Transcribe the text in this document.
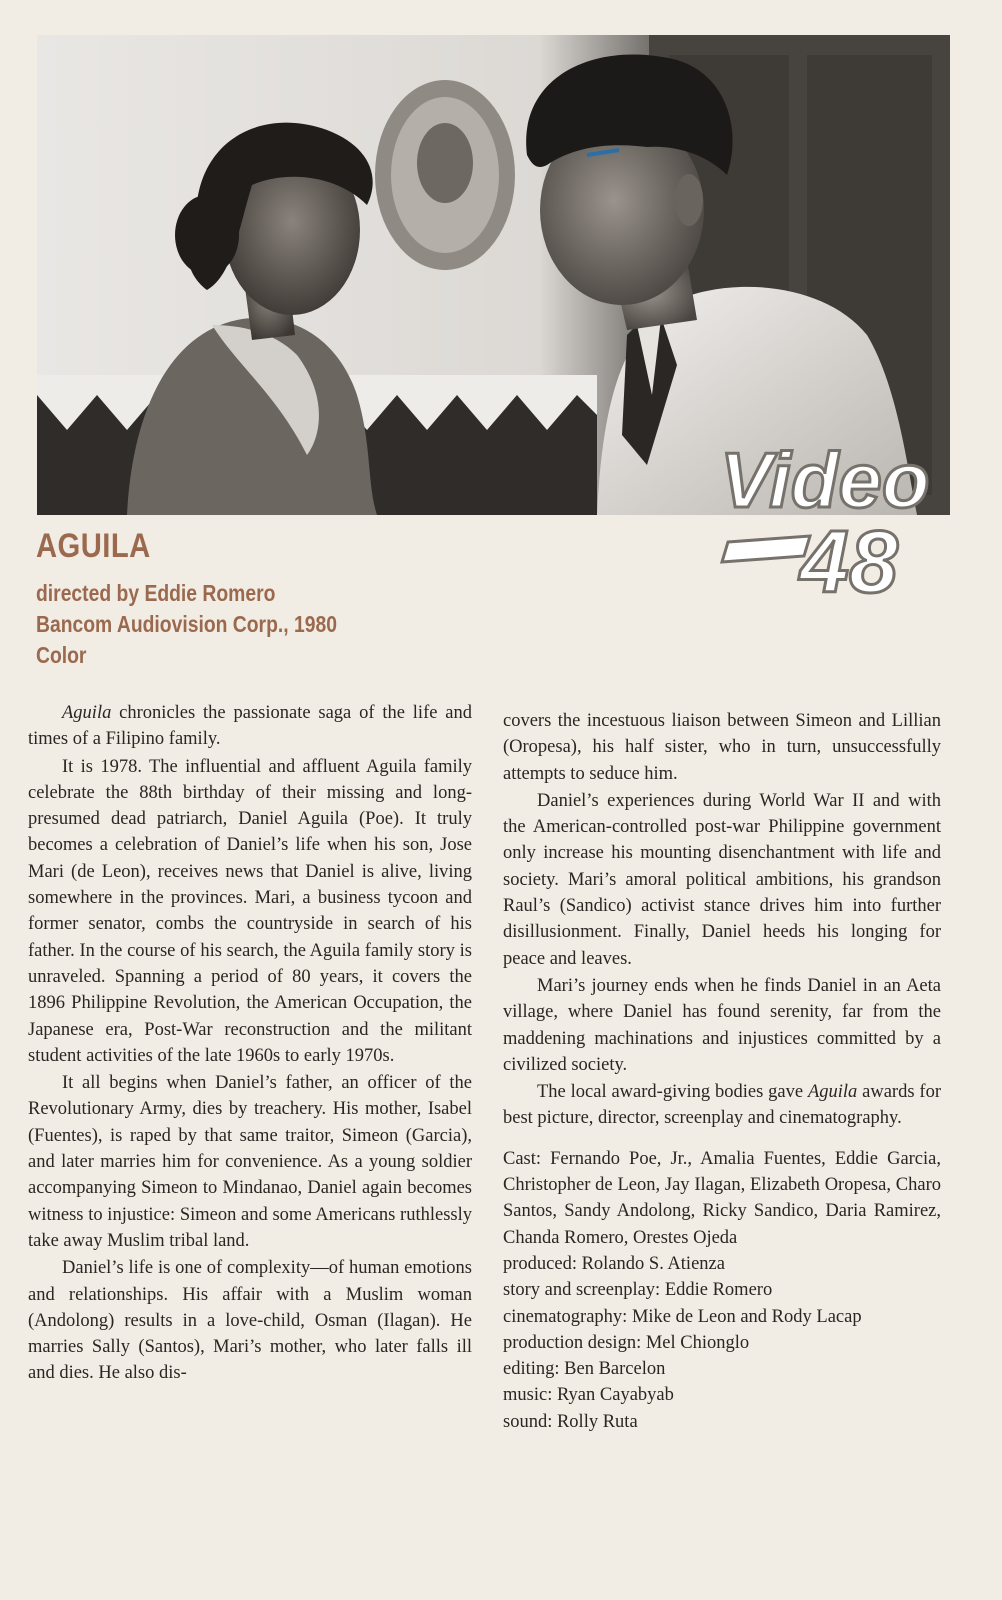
Video
48
AGUILA
directed by Eddie Romero
Bancom Audiovision Corp., 1980
Color

Aguila chronicles the passionate saga of the life and times of a Filipino family.

It is 1978. The influential and affluent Aguila family celebrate the 88th birthday of their missing and long-presumed dead patriarch, Daniel Aguila (Poe). It truly becomes a celebration of Daniel’s life when his son, Jose Mari (de Leon), receives news that Daniel is alive, living somewhere in the provinces. Mari, a business tycoon and former senator, combs the countryside in search of his father. In the course of his search, the Aguila family story is unraveled. Spanning a period of 80 years, it covers the 1896 Philippine Revolution, the American Occupation, the Japanese era, Post-War reconstruction and the militant student activities of the late 1960s to early 1970s.

It all begins when Daniel’s father, an officer of the Revolutionary Army, dies by treachery. His mother, Isabel (Fuentes), is raped by that same traitor, Simeon (Garcia), and later marries him for convenience. As a young soldier accompanying Simeon to Mindanao, Daniel again becomes witness to injustice: Simeon and some Americans ruthlessly take away Muslim tribal land.

Daniel’s life is one of complexity—of human emotions and relationships. His affair with a Muslim woman (Andolong) results in a love-child, Osman (Ilagan). He marries Sally (Santos), Mari’s mother, who later falls ill and dies. He also dis-

covers the incestuous liaison between Simeon and Lillian (Oropesa), his half sister, who in turn, unsuccessfully attempts to seduce him.

Daniel’s experiences during World War II and with the American-controlled post-war Philippine government only increase his mounting disenchantment with life and society. Mari’s amoral political ambitions, his grandson Raul’s (Sandico) activist stance drives him into further disillusionment. Finally, Daniel heeds his longing for peace and leaves.

Mari’s journey ends when he finds Daniel in an Aeta village, where Daniel has found serenity, far from the maddening machinations and injustices committed by a civilized society.

The local award-giving bodies gave Aguila awards for best picture, director, screenplay and cinematography.

Cast: Fernando Poe, Jr., Amalia Fuentes, Eddie Garcia, Christopher de Leon, Jay Ilagan, Elizabeth Oropesa, Charo Santos, Sandy Andolong, Ricky Sandico, Daria Ramirez, Chanda Romero, Orestes Ojeda

produced: Rolando S. Atienza
story and screenplay: Eddie Romero
cinematography: Mike de Leon and Rody Lacap
production design: Mel Chionglo
editing: Ben Barcelon
music: Ryan Cayabyab
sound: Rolly Ruta
